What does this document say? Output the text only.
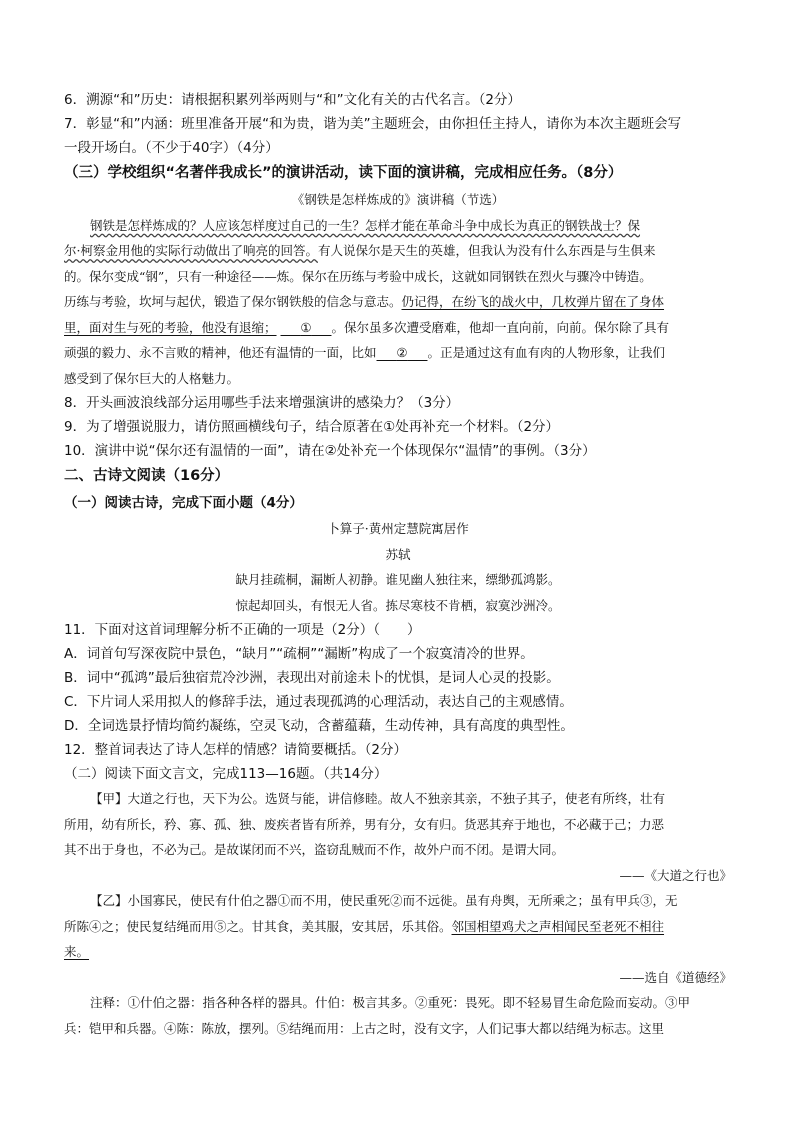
6．溯源“和”历史：请根据积累列举两则与“和”文化有关的古代名言。（2分）
7．彰显“和”内涵：班里准备开展“和为贵，谐为美”主题班会，由你担任主持人，请你为本次主题班会写
一段开场白。（不少于40字）（4分）
（三）学校组织“名著伴我成长”的演讲活动，读下面的演讲稿，完成相应任务。（8分）
《钢铁是怎样炼成的》演讲稿（节选）
钢铁是怎样炼成的？人应该怎样度过自己的一生？怎样才能在革命斗争中成长为真正的钢铁战士？保
尔·柯察金用他的实际行动做出了响亮的回答。有人说保尔是天生的英雄，但我认为没有什么东西是与生俱来
的。保尔变成“钢”，只有一种途径——炼。保尔在历练与考验中成长，这就如同钢铁在烈火与骤冷中铸造。
历练与考验，坎坷与起伏，锻造了保尔钢铁般的信念与意志。仍记得，在纷飞的战火中，几枚弹片留在了身体
里，面对生与死的考验，他没有退缩； ① 。保尔虽多次遭受磨难，他却一直向前，向前。保尔除了具有
顽强的毅力、永不言败的精神，他还有温情的一面，比如 ② 。正是通过这有血有肉的人物形象，让我们
感受到了保尔巨大的人格魅力。
8．开头画波浪线部分运用哪些手法来增强演讲的感染力？（3分）
9．为了增强说服力，请仿照画横线句子，结合原著在①处再补充一个材料。（2分）
10．演讲中说“保尔还有温情的一面”，请在②处补充一个体现保尔“温情”的事例。（3分）
二、古诗文阅读（16分）
（一）阅读古诗，完成下面小题（4分）
卜算子·黄州定慧院寓居作
苏轼
缺月挂疏桐，漏断人初静。谁见幽人独往来，缥缈孤鸿影。
惊起却回头，有恨无人省。拣尽寒枝不肯栖，寂寞沙洲冷。
11．下面对这首词理解分析不正确的一项是（2分）（　　）
A．词首句写深夜院中景色，“缺月”“疏桐”“漏断”构成了一个寂寞清冷的世界。
B．词中“孤鸿”最后独宿荒冷沙洲，表现出对前途未卜的忧惧，是词人心灵的投影。
C．下片词人采用拟人的修辞手法，通过表现孤鸿的心理活动，表达自己的主观感情。
D．全词选景抒情均简约凝练，空灵飞动，含蓄蕴藉，生动传神，具有高度的典型性。
12．整首词表达了诗人怎样的情感？请简要概括。（2分）
（二）阅读下面文言文，完成113—16题。（共14分）
【甲】大道之行也，天下为公。选贤与能，讲信修睦。故人不独亲其亲，不独子其子，使老有所终，壮有
所用，幼有所长，矜、寡、孤、独、废疾者皆有所养，男有分，女有归。货恶其弃于地也，不必藏于己；力恶
其不出于身也，不必为己。是故谋闭而不兴，盗窃乱贼而不作，故外户而不闭。是谓大同。
——《大道之行也》
【乙】小国寡民，使民有什伯之器①而不用，使民重死②而不远徙。虽有舟舆，无所乘之；虽有甲兵③，无
所陈④之；使民复结绳而用⑤之。甘其食，美其服，安其居，乐其俗。邻国相望鸡犬之声相闻民至老死不相往
来。
——选自《道德经》
注释：①什伯之器：指各种各样的器具。什伯：极言其多。②重死：畏死。即不轻易冒生命危险而妄动。③甲
兵：铠甲和兵器。④陈：陈放，摆列。⑤结绳而用：上古之时，没有文字，人们记事大都以结绳为标志。这里
